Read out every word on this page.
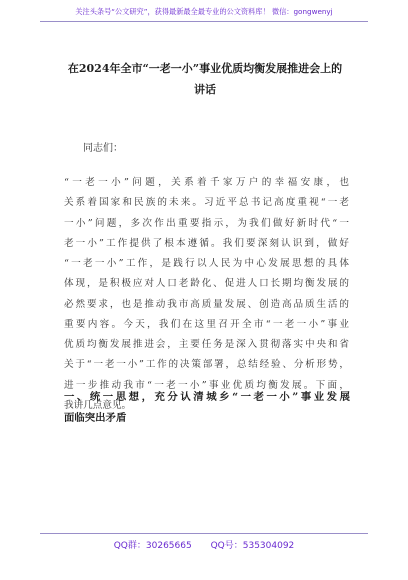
关注头条号“公文研究”，获得最新最全最专业的公文资料库！ 微信：gongwenyj
在2024年全市“一老一小”事业优质均衡发展推进会上的
讲话
同志们：
“一老一小”问题，关系着千家万户的幸福安康，也
关系着国家和民族的未来。习近平总书记高度重视“一老
一小”问题，多次作出重要指示，为我们做好新时代“一
老一小”工作提供了根本遵循。我们要深刻认识到，做好
“一老一小”工作，是践行以人民为中心发展思想的具体
体现，是积极应对人口老龄化、促进人口长期均衡发展的
必然要求，也是推动我市高质量发展、创造高品质生活的
重要内容。今天，我们在这里召开全市“一老一小”事业
优质均衡发展推进会，主要任务是深入贯彻落实中央和省
关于“一老一小”工作的决策部署，总结经验、分析形势，
进一步推动我市“一老一小”事业优质均衡发展。下面，
我讲几点意见。
一、统一思想，充分认清城乡“一老一小”事业发展
面临突出矛盾
QQ群：30265665 QQ号：535304092
